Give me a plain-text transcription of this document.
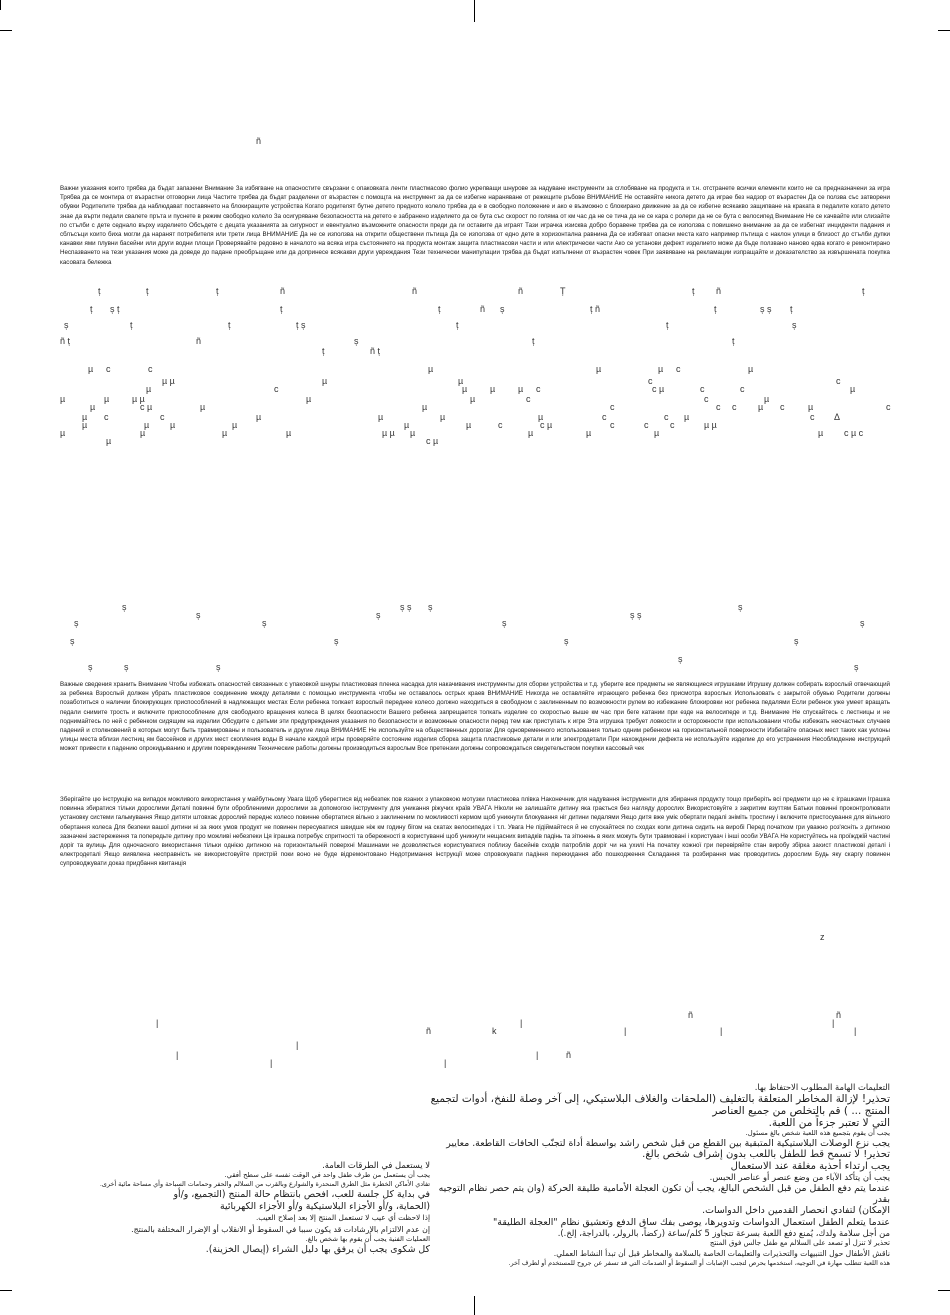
ñ
Важни указания които трябва да бъдат запазени Внимание За избягване на опасностите свързани с опаковката ленти пластмасово фолио укрепващи шнурове за надуване инструменти за сглобяване на продукта и т.н. отстранете всички елементи които не са предназначени за игра Трябва да се монтира от възрастни отговорни лица Частите трябва да бъдат разделени от възрастен с помощта на инструмент за да се избегне нараняване от режещите ръбове ВНИМАНИЕ Не оставяйте никога детето да играе без надзор от възрастен Да се ползва със затворени обувки Родителите трябва да наблюдават поставянето на блокиращите устройства Когато родителят бутне детето предното колело трябва да е в свободно положение и ако е възможно с блокирано движение за да се избегне всякакво защипване на краката в педалите когато детето знае да върти педали свалете пръта и пуснете в режим свободно колело За осигуряване безопасността на детето е забранено изделието да се бута със скорост по голяма от км час да не се тича да не се кара с ролери да не се бута с велосипед Внимание Не се качвайте или слизайте по стълби с дете седнало върху изделието Обсъдете с децата указанията за сигурност и евентуално възможните опасности преди да ги оставите да играят Тази играчка изисква добро боравене трябва да се използва с повишено внимание за да се избегнат инциденти падания и сблъсъци които биха могли да наранят потребителя или трети лица ВНИМАНИЕ Да не се използва на открити обществени пътища Да се използва от едно дете в хоризонтална равнина Да се избягват опасни места като например пътища с наклон улици в близост до стълби дупки канавки ями плувни басейни или други водни площи Проверявайте редовно в началото на всяка игра състоянието на продукта монтаж защита пластмасови части и или електрически части Ако се установи дефект изделието може да бъде ползвано наново едва когато е ремонтирано Неспазването на тези указания може да доведе до падане преобръщане или да допринесе всякакви други увреждания Тези технически манипулации трябва да бъдат изпълнени от възрастен човек При заявяване на рекламации изпращайте и доказателство за извършената покупка касовата бележка
ț	ț	ț	ñ	ñ	ñ	Ț	ț ñ	ț
ț ș ț	ț	ț	ñ ș	ț ñ	ț	ș ș ț
ș	ț	ț	ț ș	ț	ț	ș
ñ ț	ñ	ș	ț	ț
ț	ñ ț
µ c	c	µ	µ	µ c	µ
µ µ	µ	µ	c	c
µ	c	µ	µ	µ c	c µ	c	c	µ
µ	µ	µ µ	µ	µ	c	c	µ
µ	c µ	µ	µ	c	c c µ c	µ	c
µ c	c	µ	µ	µ	µ	c	c µ	c Δ
µ	µ µ	µ	µ	µ	c	c µ	c	c c	µ µ
µ	µ	µ	µ	µ µ µ	µ	µ	µ	µ c µ c
µ	c µ
ș	ș ș ș	ș
ș	ș	ș ș
ș	ș	ș	ș
ș	ș	ș	ș
ș
ș	ș	ș	ș
Важные сведения хранить Внимание Чтобы избежать опасностей связанных с упаковкой шнуры пластиковая пленка насадка для накачивания инструменты для сборки устройства и т.д. уберите все предметы не являющиеся игрушками Игрушку должен собирать взрослый отвечающий за ребенка Взрослый должен убрать пластиковое соединение между деталями с помощью инструмента чтобы не оставалось острых краев ВНИМАНИЕ Никогда не оставляйте играющего ребенка без присмотра взрослых Использовать с закрытой обувью Родители должны позаботиться о наличии блокирующих приспособлений в надлежащих местах Если ребенка толкает взрослый переднее колесо должно находиться в свободном с заклиненным по возможности рулем во избежание блокировки ног ребенка педалями Если ребенок уже умеет вращать педали снимите трость и включите приспособление для свободного вращения колеса В целях безопасности Вашего ребенка запрещается толкать изделие со скоростью выше км час при беге катании при езде на велосипеде и т.д. Внимание Не спускайтесь с лестницы и не поднимайтесь по ней с ребенком сидящим на изделии Обсудите с детьми эти предупреждения указания по безопасности и возможные опасности перед тем как приступать к игре Эта игрушка требует ловкости и осторожности при использовании чтобы избежать несчастных случаев падений и столкновений в которых могут быть травмированы и пользователь и другие лица ВНИМАНИЕ Не используйте на общественных дорогах Для одновременного использования только одним ребенком на горизонтальной поверхности Избегайте опасных мест таких как уклоны улицы места вблизи лестниц ям бассейнов и других мест скопления воды В начале каждой игры проверяйте состояние изделия сборка защита пластиковые детали и или электродетали При нахождении дефекта не используйте изделие до его устранения Несоблюдение инструкций может привести к падению опрокидыванию и другим повреждениям Технические работы должны производиться взрослым Все претензии должны сопровождаться свидетельством покупки кассовый чек
Зберігайте цю інструкцію на випадок можливого використання у майбутньому Увага Щоб уберегтися від небезпек пов язаних з упаковкою мотузки пластикова плівка Наконечник для надування інструменти для збирання продукту тощо приберіть всі предмети що не є іграшками Іграшка повинна збиратися тільки дорослими Деталі повинні бути оброблениими дорослими за допомогою інструменту для уникання ріжучих країв УВАГА Ніколи не залишайте дитину яка грається без нагляду дорослих Використовуйте з закритим взуттям Батьки повинні проконтролювати установку системи гальмування Якщо дитяти штовхає дорослий переднє колесо повинне обертатися вільно з заклиненим по можливості кермом щоб уникнути блокування ніг дитини педалями Якщо дитя вже уміє обертати педалі зніміть тростину і включите пристосування для вільного обертання колеса Для безпеки вашої дитини ні за яких умов продукт не повинен пересуватися швидше ніж км годину бігом на скатах велосипедах і т.п. Увага Не підіймайтеся й не спускайтеся по сходах коли дитина сидить на виробі Перед початком гри уважно роз'ясніть з дитиною зазначені застереження та попередьте дитину про можливі небезпеки Ця іграшка потребує спритності та обережності в користуванні щоб уникнути нещасних випадків падінь та зіткнень в яких можуть бути травмовані і користувач і інші особи УВАГА Не користуйтесь на проїжджій частині доріг та вулиць Для одночасного використання тільки однією дитиною на горизонтальній поверхні Машинами не дозволяється користуватися поблизу басейнів сходів патроблів доріг чи на ухилі На початку кожної гри перевіряйте стан виробу збірка захист пластикові деталі і електродеталі Якщо виявлена несправність не використовуйте пристрій поки воно не буде відремонтовано Недотримання інструкції може спровокувати падіння перекидання або пошкодження Складання та розбирання має проводитись дорослим Будь яку скаргу повинен супроводжувати доказ придбання квитанція
z
ñ	ñ
|	|	|
ñ	k	|	|	|
|
|	|	ñ
|	|

التعليمات الهامة المطلوب الاحتفاظ بها.

تحذير! لإزالة المخاطر المتعلقة بالتغليف (الملحقات والغلاف البلاستيكي، إلى آخر وصلة للنفخ، أدوات لتجميع المنتج ... ) قم بالتخلص من جميع العناصر

التي لا تعتبر جزءاً من اللعبة.

يجب أن يقوم بتجميع هذه اللعبة شخص بالغ مسئول.

يجب نزع الوصلات البلاستيكية المتبقية بين القطع من قبل شخص راشد بواسطة أداة لتجنّب الحافات القاطعة. معايير

تحذير! لا تسمح قط للطفل باللعب بدون إشراف شخص بالغ.

يجب ارتداء أحذية مغلقة عند الاستعمال

يجب أن يتأكد الآباء من وضع عنصر أو عناصر الحبس.

عندما يتم دفع الطفل من قبل الشخص البالغ، يجب أن تكون العجلة الأمامية طليقة الحركة (وان يتم حصر نظام التوجيه بقدر

الإمكان) لتفادي انحصار القدمين داخل الدواسات.

عندما يتعلم الطفل استعمال الدواسات وتدويرها، يوصى بفك ساق الدفع وتعشيق نظام "العجلة الطليقة"

من أجل سلامة ولدك، يُمنع دفع اللعبة بسرعة تتجاوز 5 كلم/ساعة (ركضاً، بالرولر، بالدراجة، إلخ.).

تحذير لا تنزل أو تصعد على السلالم مع طفل جالس فوق المنتج

ناقش الأطفال حول التنبيهات والتحذيرات والتعليمات الخاصة بالسلامة والمخاطر قبل أن تبدأ النشاط العملي.

هذه اللعبة تتطلب مهارة في التوجيه، استخدمها بحرص لتجنب الإصابات أو السقوط أو الصدمات التي قد تسفر عن جروح للمستخدم أو لطرف آخر.

لا يستعمل في الطرقات العامة.

يجب أن يستعمل من طرف طفل واحد في الوقت نفسه على سطح أفقي.

تفادي الأماكن الخطرة مثل الطرق المنحدرة والشوارع وبالقرب من السلالم والحفر وحمامات السباحة وأي مساحة مائية أخرى.

في بداية كل جلسة للعب، افحص بانتظام حالة المنتج (التجميع، و/أو

(الحماية، و/أو الأجزاء البلاستيكية و/أو الأجزاء الكهربائية

إذا لاحظت أي عيب لا تستعمل المنتج إلا بعد إصلاح العيب.

إن عدم الالتزام بالإرشادات قد يكون سببا في السقوط أو الانقلاب أو الإضرار المختلفة بالمنتج.

العمليات الفنية يجب أن يقوم بها شخص بالغ.

كل شكوى يجب أن يرفق بها دليل الشراء (إيصال الخزينة).
